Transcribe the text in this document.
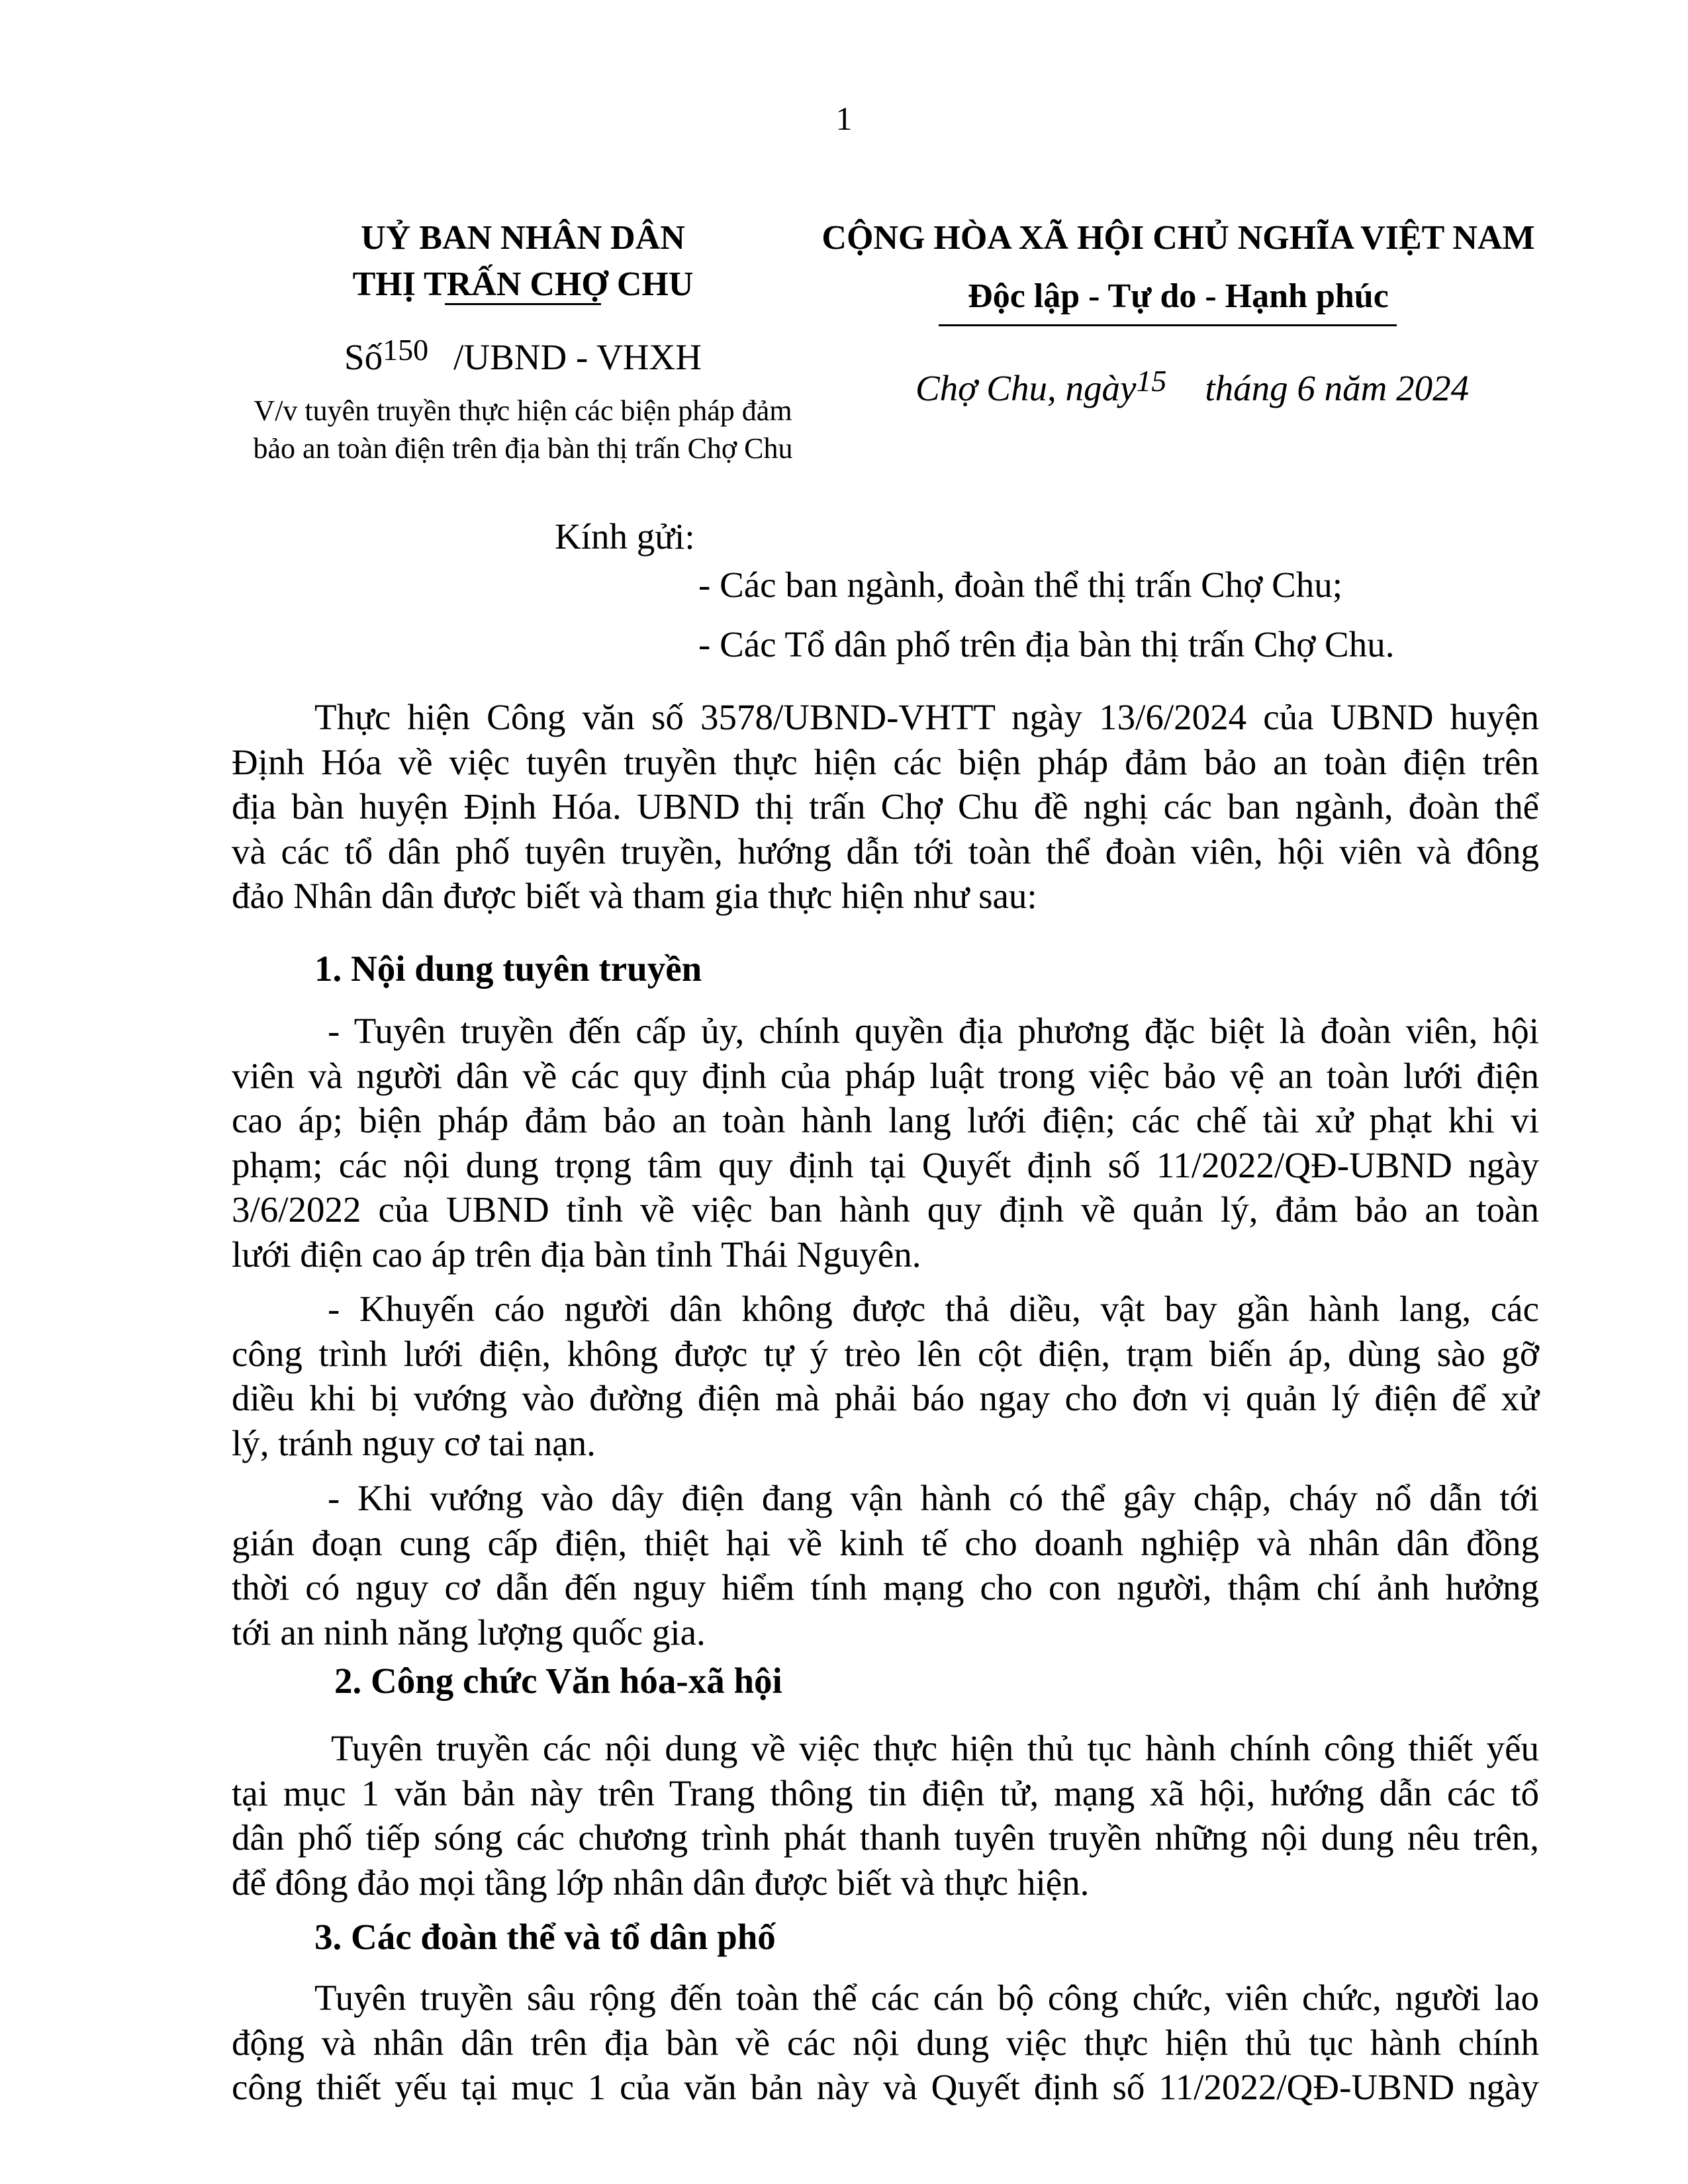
1
UỶ BAN NHÂN DÂN
THỊ TRẤN CHỢ CHU
Số$^{150}$ /UBND - VHXH
V/v tuyên truyền thực hiện các biện pháp đảm
bảo an toàn điện trên địa bàn thị trấn Chợ Chu
CỘNG HÒA XÃ HỘI CHỦ NGHĨA VIỆT NAM
Độc lập - Tự do - Hạnh phúc
Chợ Chu, ngày$^{15}$ tháng 6 năm 2024
Kính gửi:
- Các ban ngành, đoàn thể thị trấn Chợ Chu;
- Các Tổ dân phố trên địa bàn thị trấn Chợ Chu.
Thực hiện Công văn số 3578/UBND-VHTT ngày 13/6/2024 của UBND huyện
Định Hóa về việc tuyên truyền thực hiện các biện pháp đảm bảo an toàn điện trên
địa bàn huyện Định Hóa. UBND thị trấn Chợ Chu đề nghị các ban ngành, đoàn thể
và các tổ dân phố tuyên truyền, hướng dẫn tới toàn thể đoàn viên, hội viên và đông
đảo Nhân dân được biết và tham gia thực hiện như sau:
1. Nội dung tuyên truyền
- Tuyên truyền đến cấp ủy, chính quyền địa phương đặc biệt là đoàn viên, hội
viên và người dân về các quy định của pháp luật trong việc bảo vệ an toàn lưới điện
cao áp; biện pháp đảm bảo an toàn hành lang lưới điện; các chế tài xử phạt khi vi
phạm; các nội dung trọng tâm quy định tại Quyết định số 11/2022/QĐ-UBND ngày
3/6/2022 của UBND tỉnh về việc ban hành quy định về quản lý, đảm bảo an toàn
lưới điện cao áp trên địa bàn tỉnh Thái Nguyên.
- Khuyến cáo người dân không được thả diều, vật bay gần hành lang, các
công trình lưới điện, không được tự ý trèo lên cột điện, trạm biến áp, dùng sào gỡ
diều khi bị vướng vào đường điện mà phải báo ngay cho đơn vị quản lý điện để xử
lý, tránh nguy cơ tai nạn.
- Khi vướng vào dây điện đang vận hành có thể gây chập, cháy nổ dẫn tới
gián đoạn cung cấp điện, thiệt hại về kinh tế cho doanh nghiệp và nhân dân đồng
thời có nguy cơ dẫn đến nguy hiểm tính mạng cho con người, thậm chí ảnh hưởng
tới an ninh năng lượng quốc gia.
2. Công chức Văn hóa-xã hội
Tuyên truyền các nội dung về việc thực hiện thủ tục hành chính công thiết yếu
tại mục 1 văn bản này trên Trang thông tin điện tử, mạng xã hội, hướng dẫn các tổ
dân phố tiếp sóng các chương trình phát thanh tuyên truyền những nội dung nêu trên,
để đông đảo mọi tầng lớp nhân dân được biết và thực hiện.
3. Các đoàn thể và tổ dân phố
Tuyên truyền sâu rộng đến toàn thể các cán bộ công chức, viên chức, người lao
động và nhân dân trên địa bàn về các nội dung việc thực hiện thủ tục hành chính
công thiết yếu tại mục 1 của văn bản này và Quyết định số 11/2022/QĐ-UBND ngày
